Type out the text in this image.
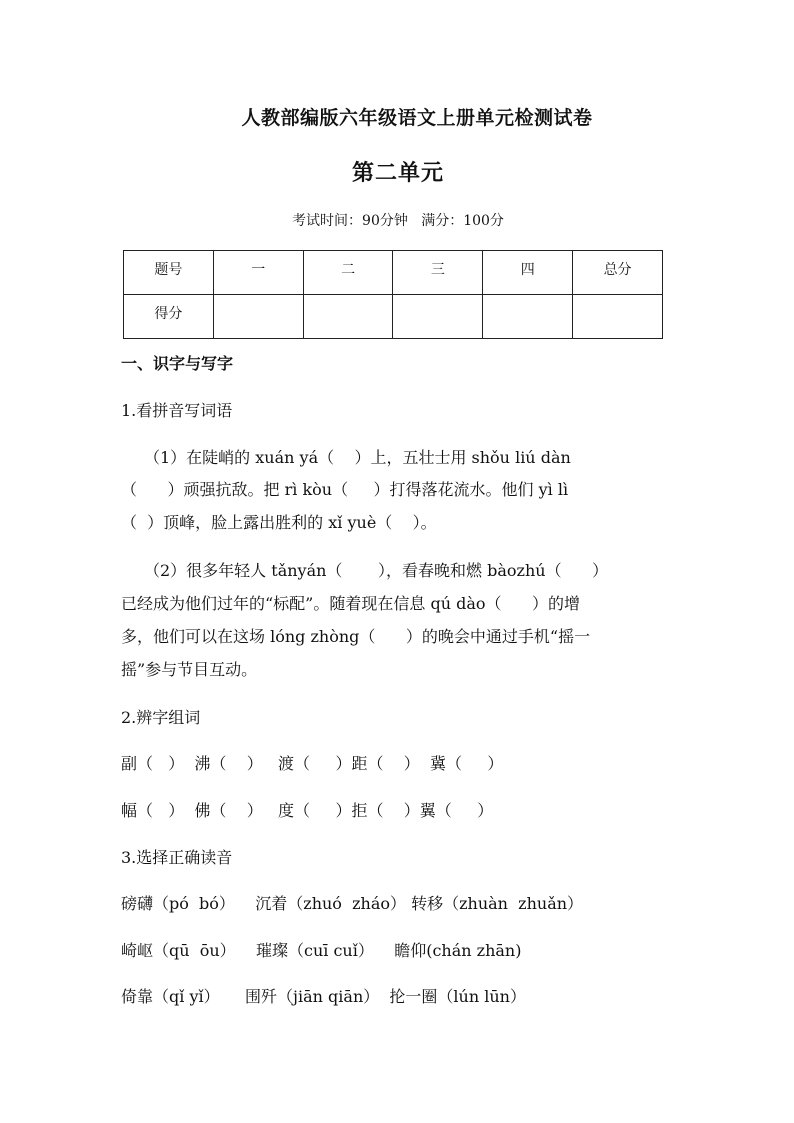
人教部编版六年级语文上册单元检测试卷
第二单元
考试时间：90分钟   满分：100分
题号	一	二	三	四	总分
得分					
一、识字与写字
1.看拼音写词语
（1）在陡峭的 xuán yá（    ）上，五壮士用 shǒu liú dàn
（      ）顽强抗敌。把 rì kòu（     ）打得落花流水。他们 yì lì
（  ）顶峰，脸上露出胜利的 xǐ yuè（    ）。
（2）很多年轻人 tǎnyán（       ），看春晚和燃 bàozhú（      ）
已经成为他们过年的“标配”。随着现在信息 qú dào（      ）的增
多，他们可以在这场 lóng zhòng（      ）的晚会中通过手机“摇一
摇”参与节目互动。
2.辨字组词
副（   ）  沸（    ）   渡（     ）距（    ）  冀（     ）
幅（   ）  佛（    ）   度（     ）拒（    ）翼（     ）
3.选择正确读音
磅礴（pó  bó）    沉着（zhuó  zháo） 转移（zhuàn  zhuǎn）
崎岖（qū  ōu）    璀璨（cuī cuǐ）    瞻仰(chán zhān)
倚靠（qǐ yǐ）     围歼（jiān qiān）  抡一圈（lún lūn）
